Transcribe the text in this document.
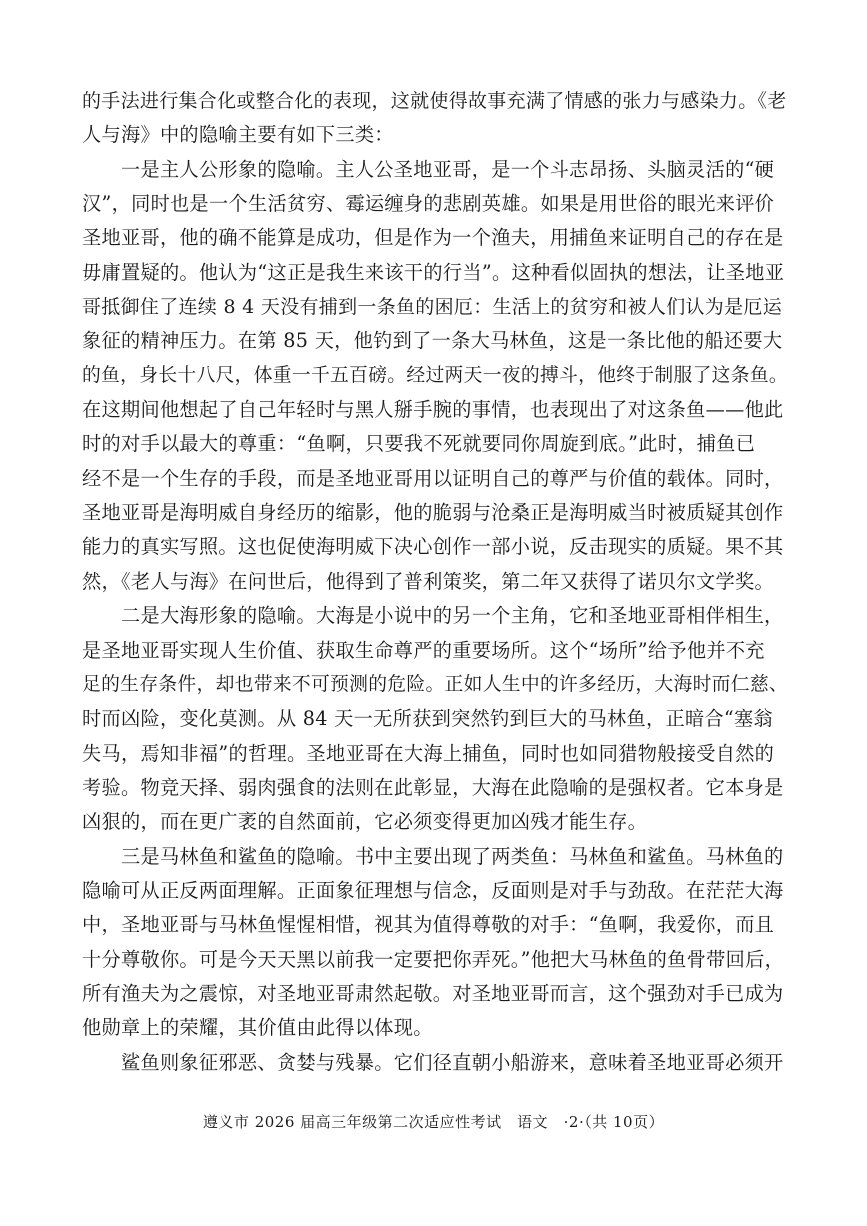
的手法进行集合化或整合化的表现，这就使得故事充满了情感的张力与感染力。《老
人与海》中的隐喻主要有如下三类：
　　一是主人公形象的隐喻。主人公圣地亚哥，是一个斗志昂扬、头脑灵活的“硬
汉”，同时也是一个生活贫穷、霉运缠身的悲剧英雄。如果是用世俗的眼光来评价
圣地亚哥，他的确不能算是成功，但是作为一个渔夫，用捕鱼来证明自己的存在是
毋庸置疑的。他认为“这正是我生来该干的行当”。这种看似固执的想法，让圣地亚
哥抵御住了连续 8 4 天没有捕到一条鱼的困厄：生活上的贫穷和被人们认为是厄运
象征的精神压力。在第 85 天，他钓到了一条大马林鱼，这是一条比他的船还要大
的鱼，身长十八尺，体重一千五百磅。经过两天一夜的搏斗，他终于制服了这条鱼。
在这期间他想起了自己年轻时与黑人掰手腕的事情，也表现出了对这条鱼——他此
时的对手以最大的尊重：“鱼啊，只要我不死就要同你周旋到底。”此时，捕鱼已
经不是一个生存的手段，而是圣地亚哥用以证明自己的尊严与价值的载体。同时，
圣地亚哥是海明威自身经历的缩影，他的脆弱与沧桑正是海明威当时被质疑其创作
能力的真实写照。这也促使海明威下决心创作一部小说，反击现实的质疑。果不其
然，《老人与海》在问世后，他得到了普利策奖，第二年又获得了诺贝尔文学奖。
　　二是大海形象的隐喻。大海是小说中的另一个主角，它和圣地亚哥相伴相生，
是圣地亚哥实现人生价值、获取生命尊严的重要场所。这个“场所”给予他并不充
足的生存条件，却也带来不可预测的危险。正如人生中的许多经历，大海时而仁慈、
时而凶险，变化莫测。从 84 天一无所获到突然钓到巨大的马林鱼，正暗合“塞翁
失马，焉知非福”的哲理。圣地亚哥在大海上捕鱼，同时也如同猎物般接受自然的
考验。物竞天择、弱肉强食的法则在此彰显，大海在此隐喻的是强权者。它本身是
凶狠的，而在更广袤的自然面前，它必须变得更加凶残才能生存。
　　三是马林鱼和鲨鱼的隐喻。书中主要出现了两类鱼：马林鱼和鲨鱼。马林鱼的
隐喻可从正反两面理解。正面象征理想与信念，反面则是对手与劲敌。在茫茫大海
中，圣地亚哥与马林鱼惺惺相惜，视其为值得尊敬的对手：“鱼啊，我爱你，而且
十分尊敬你。可是今天天黑以前我一定要把你弄死。”他把大马林鱼的鱼骨带回后，
所有渔夫为之震惊，对圣地亚哥肃然起敬。对圣地亚哥而言，这个强劲对手已成为
他勋章上的荣耀，其价值由此得以体现。
　　鲨鱼则象征邪恶、贪婪与残暴。它们径直朝小船游来，意味着圣地亚哥必须开
遵义市 2026 届高三年级第二次适应性考试　语文　·2·（共 10页）
